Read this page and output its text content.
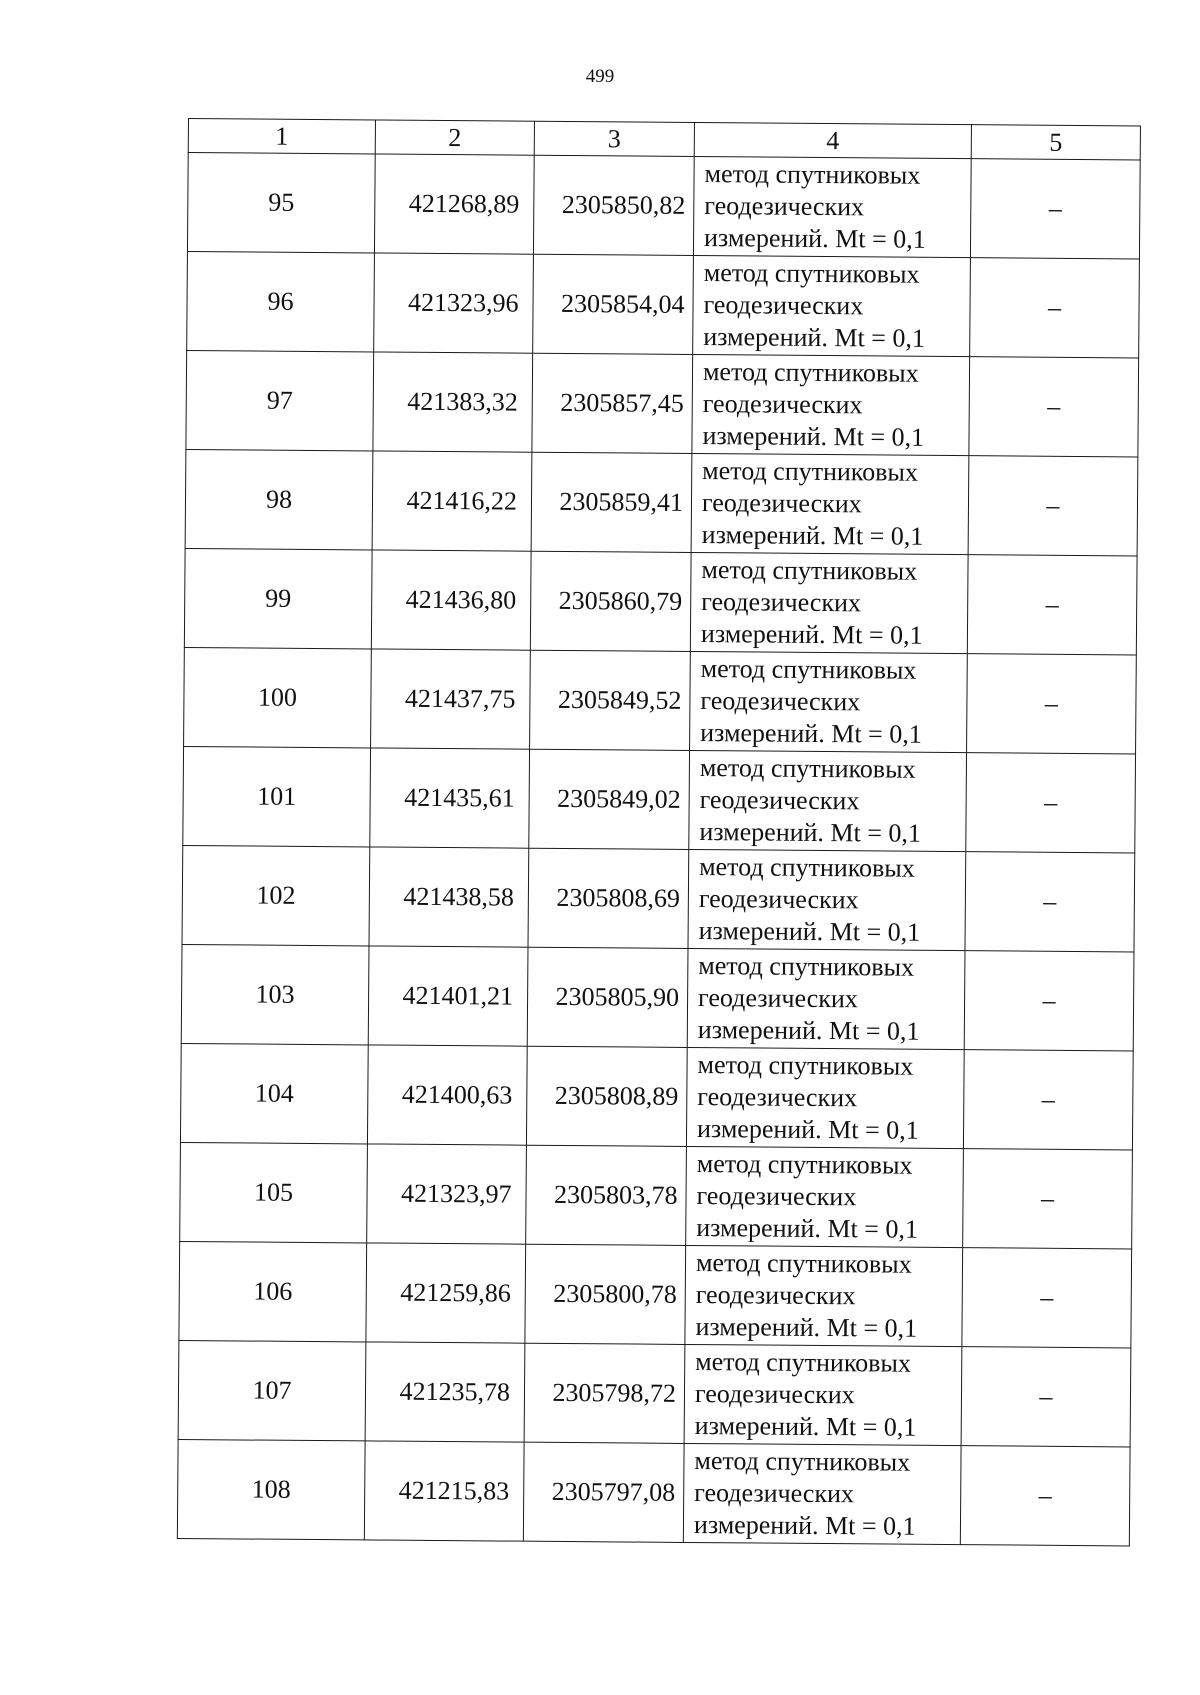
499
1	2	3	4	5
95	421268,89	2305850,82	метод спутниковых
геодезических
измерений. Mt = 0,1	–
96	421323,96	2305854,04	метод спутниковых
геодезических
измерений. Mt = 0,1	–
97	421383,32	2305857,45	метод спутниковых
геодезических
измерений. Mt = 0,1	–
98	421416,22	2305859,41	метод спутниковых
геодезических
измерений. Mt = 0,1	–
99	421436,80	2305860,79	метод спутниковых
геодезических
измерений. Mt = 0,1	–
100	421437,75	2305849,52	метод спутниковых
геодезических
измерений. Mt = 0,1	–
101	421435,61	2305849,02	метод спутниковых
геодезических
измерений. Mt = 0,1	–
102	421438,58	2305808,69	метод спутниковых
геодезических
измерений. Mt = 0,1	–
103	421401,21	2305805,90	метод спутниковых
геодезических
измерений. Mt = 0,1	–
104	421400,63	2305808,89	метод спутниковых
геодезических
измерений. Mt = 0,1	–
105	421323,97	2305803,78	метод спутниковых
геодезических
измерений. Mt = 0,1	–
106	421259,86	2305800,78	метод спутниковых
геодезических
измерений. Mt = 0,1	–
107	421235,78	2305798,72	метод спутниковых
геодезических
измерений. Mt = 0,1	–
108	421215,83	2305797,08	метод спутниковых
геодезических
измерений. Mt = 0,1	–
